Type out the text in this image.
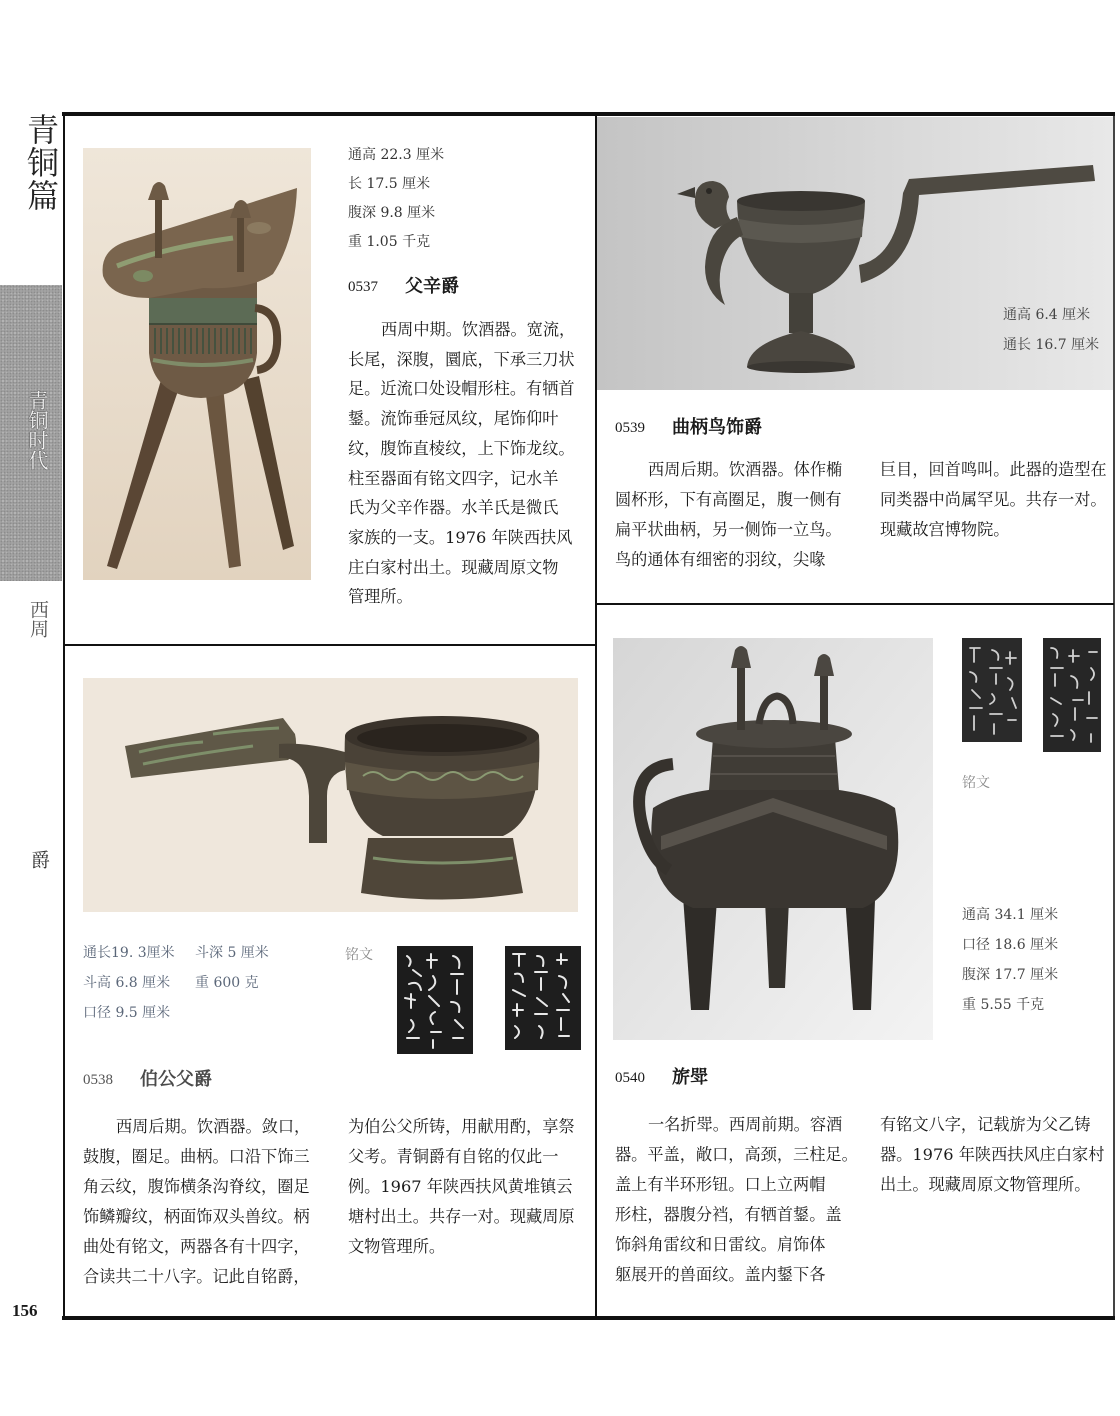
青铜篇
青铜时代
西周
爵
156
通高 22.3 厘米
长 17.5 厘米
腹深 9.8 厘米
重 1.05 千克
0537 父辛爵
西周中期。饮酒器。宽流，
长尾，深腹，圜底，下承三刀状
足。近流口处设帽形柱。有牺首
鋬。流饰垂冠凤纹，尾饰仰叶
纹，腹饰直棱纹，上下饰龙纹。
柱至器面有铭文四字，记水羊
氏为父辛作器。水羊氏是微氏
家族的一支。1976 年陕西扶风
庄白家村出土。现藏周原文物
管理所。
通高 6.4 厘米
通长 16.7 厘米
0539 曲柄鸟饰爵
西周后期。饮酒器。体作椭
圆杯形，下有高圈足，腹一侧有
扁平状曲柄，另一侧饰一立鸟。
鸟的通体有细密的羽纹，尖喙
巨目，回首鸣叫。此器的造型在
同类器中尚属罕见。共存一对。
现藏故宫博物院。
通长19. 3厘米	斗深 5 厘米
斗高 6.8 厘米	重 600 克
口径 9.5 厘米
铭文
0538 伯公父爵
西周后期。饮酒器。敛口，
鼓腹，圈足。曲柄。口沿下饰三
角云纹，腹饰横条沟脊纹，圈足
饰鳞瓣纹，柄面饰双头兽纹。柄
曲处有铭文，两器各有十四字，
合读共二十八字。记此自铭爵，
为伯公父所铸，用献用酌，享祭
父考。青铜爵有自铭的仅此一
例。1967 年陕西扶风黄堆镇云
塘村出土。共存一对。现藏周原
文物管理所。
铭文
通高 34.1 厘米
口径 18.6 厘米
腹深 17.7 厘米
重 5.55 千克
0540 旂斝
一名折斝。西周前期。容酒
器。平盖，敞口，高颈，三柱足。
盖上有半环形钮。口上立两帽
形柱，器腹分裆，有牺首鋬。盖
饰斜角雷纹和日雷纹。肩饰体
躯展开的兽面纹。盖内鋬下各
有铭文八字，记载旂为父乙铸
器。1976 年陕西扶风庄白家村
出土。现藏周原文物管理所。
